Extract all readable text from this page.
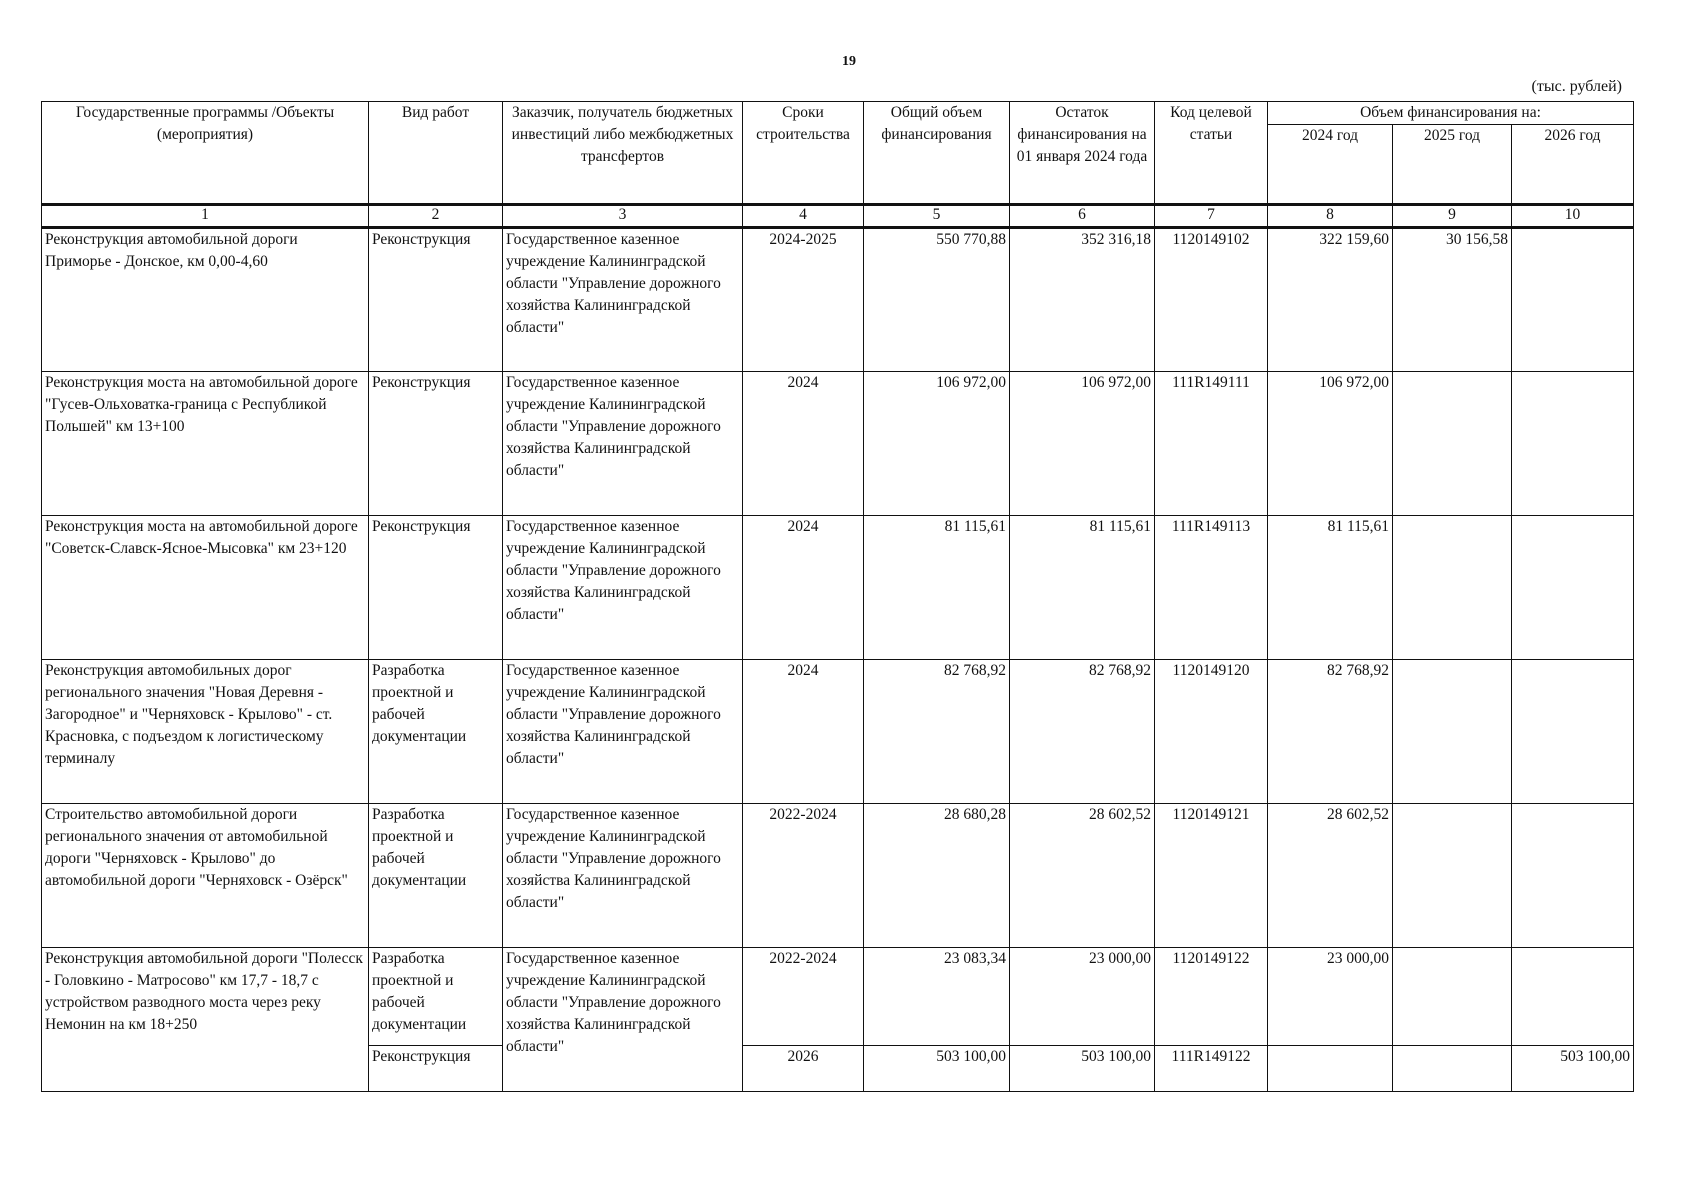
19
(тыс. рублей)
Государственные программы /Объекты (мероприятия)	Вид работ	Заказчик, получатель бюджетных инвестиций либо межбюджетных трансфертов	Сроки строительства	Общий объем финансирования	Остаток финансирования на 01 января 2024 года	Код целевой статьи	Объем финансирования на:		
							2024 год	2025 год	2026 год
1	2	3	4	5	6	7	8	9	10
Реконструкция автомобильной дороги Приморье - Донское, км 0,00-4,60	Реконструкция	Государственное казенное учреждение Калининградской области "Управление дорожного хозяйства Калининградской области"	2024-2025	550 770,88	352 316,18	1120149102	322 159,60	30 156,58	
Реконструкция моста на автомобильной дороге "Гусев-Ольховатка-граница с Республикой Польшей" км 13+100	Реконструкция	Государственное казенное учреждение Калининградской области "Управление дорожного хозяйства Калининградской области"	2024	106 972,00	106 972,00	111R149111	106 972,00		
Реконструкция моста на автомобильной дороге "Советск-Славск-Ясное-Мысовка" км 23+120	Реконструкция	Государственное казенное учреждение Калининградской области "Управление дорожного хозяйства Калининградской области"	2024	81 115,61	81 115,61	111R149113	81 115,61		
Реконструкция автомобильных дорог регионального значения "Новая Деревня - Загородное" и "Черняховск - Крылово" - ст. Красновка, с подъездом к логистическому терминалу	Разработка проектной и рабочей документации	Государственное казенное учреждение Калининградской области "Управление дорожного хозяйства Калининградской области"	2024	82 768,92	82 768,92	1120149120	82 768,92		
Строительство автомобильной дороги регионального значения от автомобильной дороги "Черняховск - Крылово" до автомобильной дороги "Черняховск - Озёрск"	Разработка проектной и рабочей документации	Государственное казенное учреждение Калининградской области "Управление дорожного хозяйства Калининградской области"	2022-2024	28 680,28	28 602,52	1120149121	28 602,52		
Реконструкция автомобильной дороги "Полесск - Головкино - Матросово" км 17,7 - 18,7 с устройством разводного моста через реку Немонин на км 18+250	Разработка проектной и рабочей документации	Государственное казенное учреждение Калининградской области "Управление дорожного хозяйства Калининградской области"	2022-2024	23 083,34	23 000,00	1120149122	23 000,00		
	Реконструкция		2026	503 100,00	503 100,00	111R149122			503 100,00
